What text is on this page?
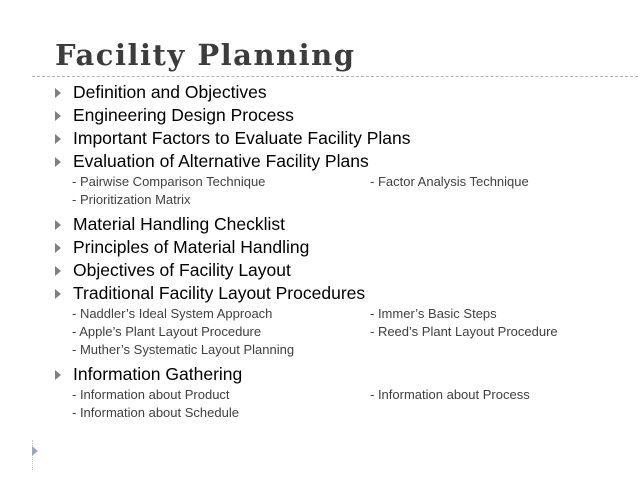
Facility Planning
Definition and Objectives
Engineering Design Process
Important Factors to Evaluate Facility Plans
Evaluation of Alternative Facility Plans
- Pairwise Comparison Technique	- Factor Analysis Technique
- Prioritization Matrix
Material Handling Checklist
Principles of Material Handling
Objectives of Facility Layout
Traditional Facility Layout Procedures
- Naddler’s Ideal System Approach	- Immer’s Basic Steps
- Apple’s Plant Layout Procedure	- Reed’s Plant Layout Procedure
- Muther’s Systematic Layout Planning
Information Gathering
- Information about Product	- Information about Process
- Information about Schedule
